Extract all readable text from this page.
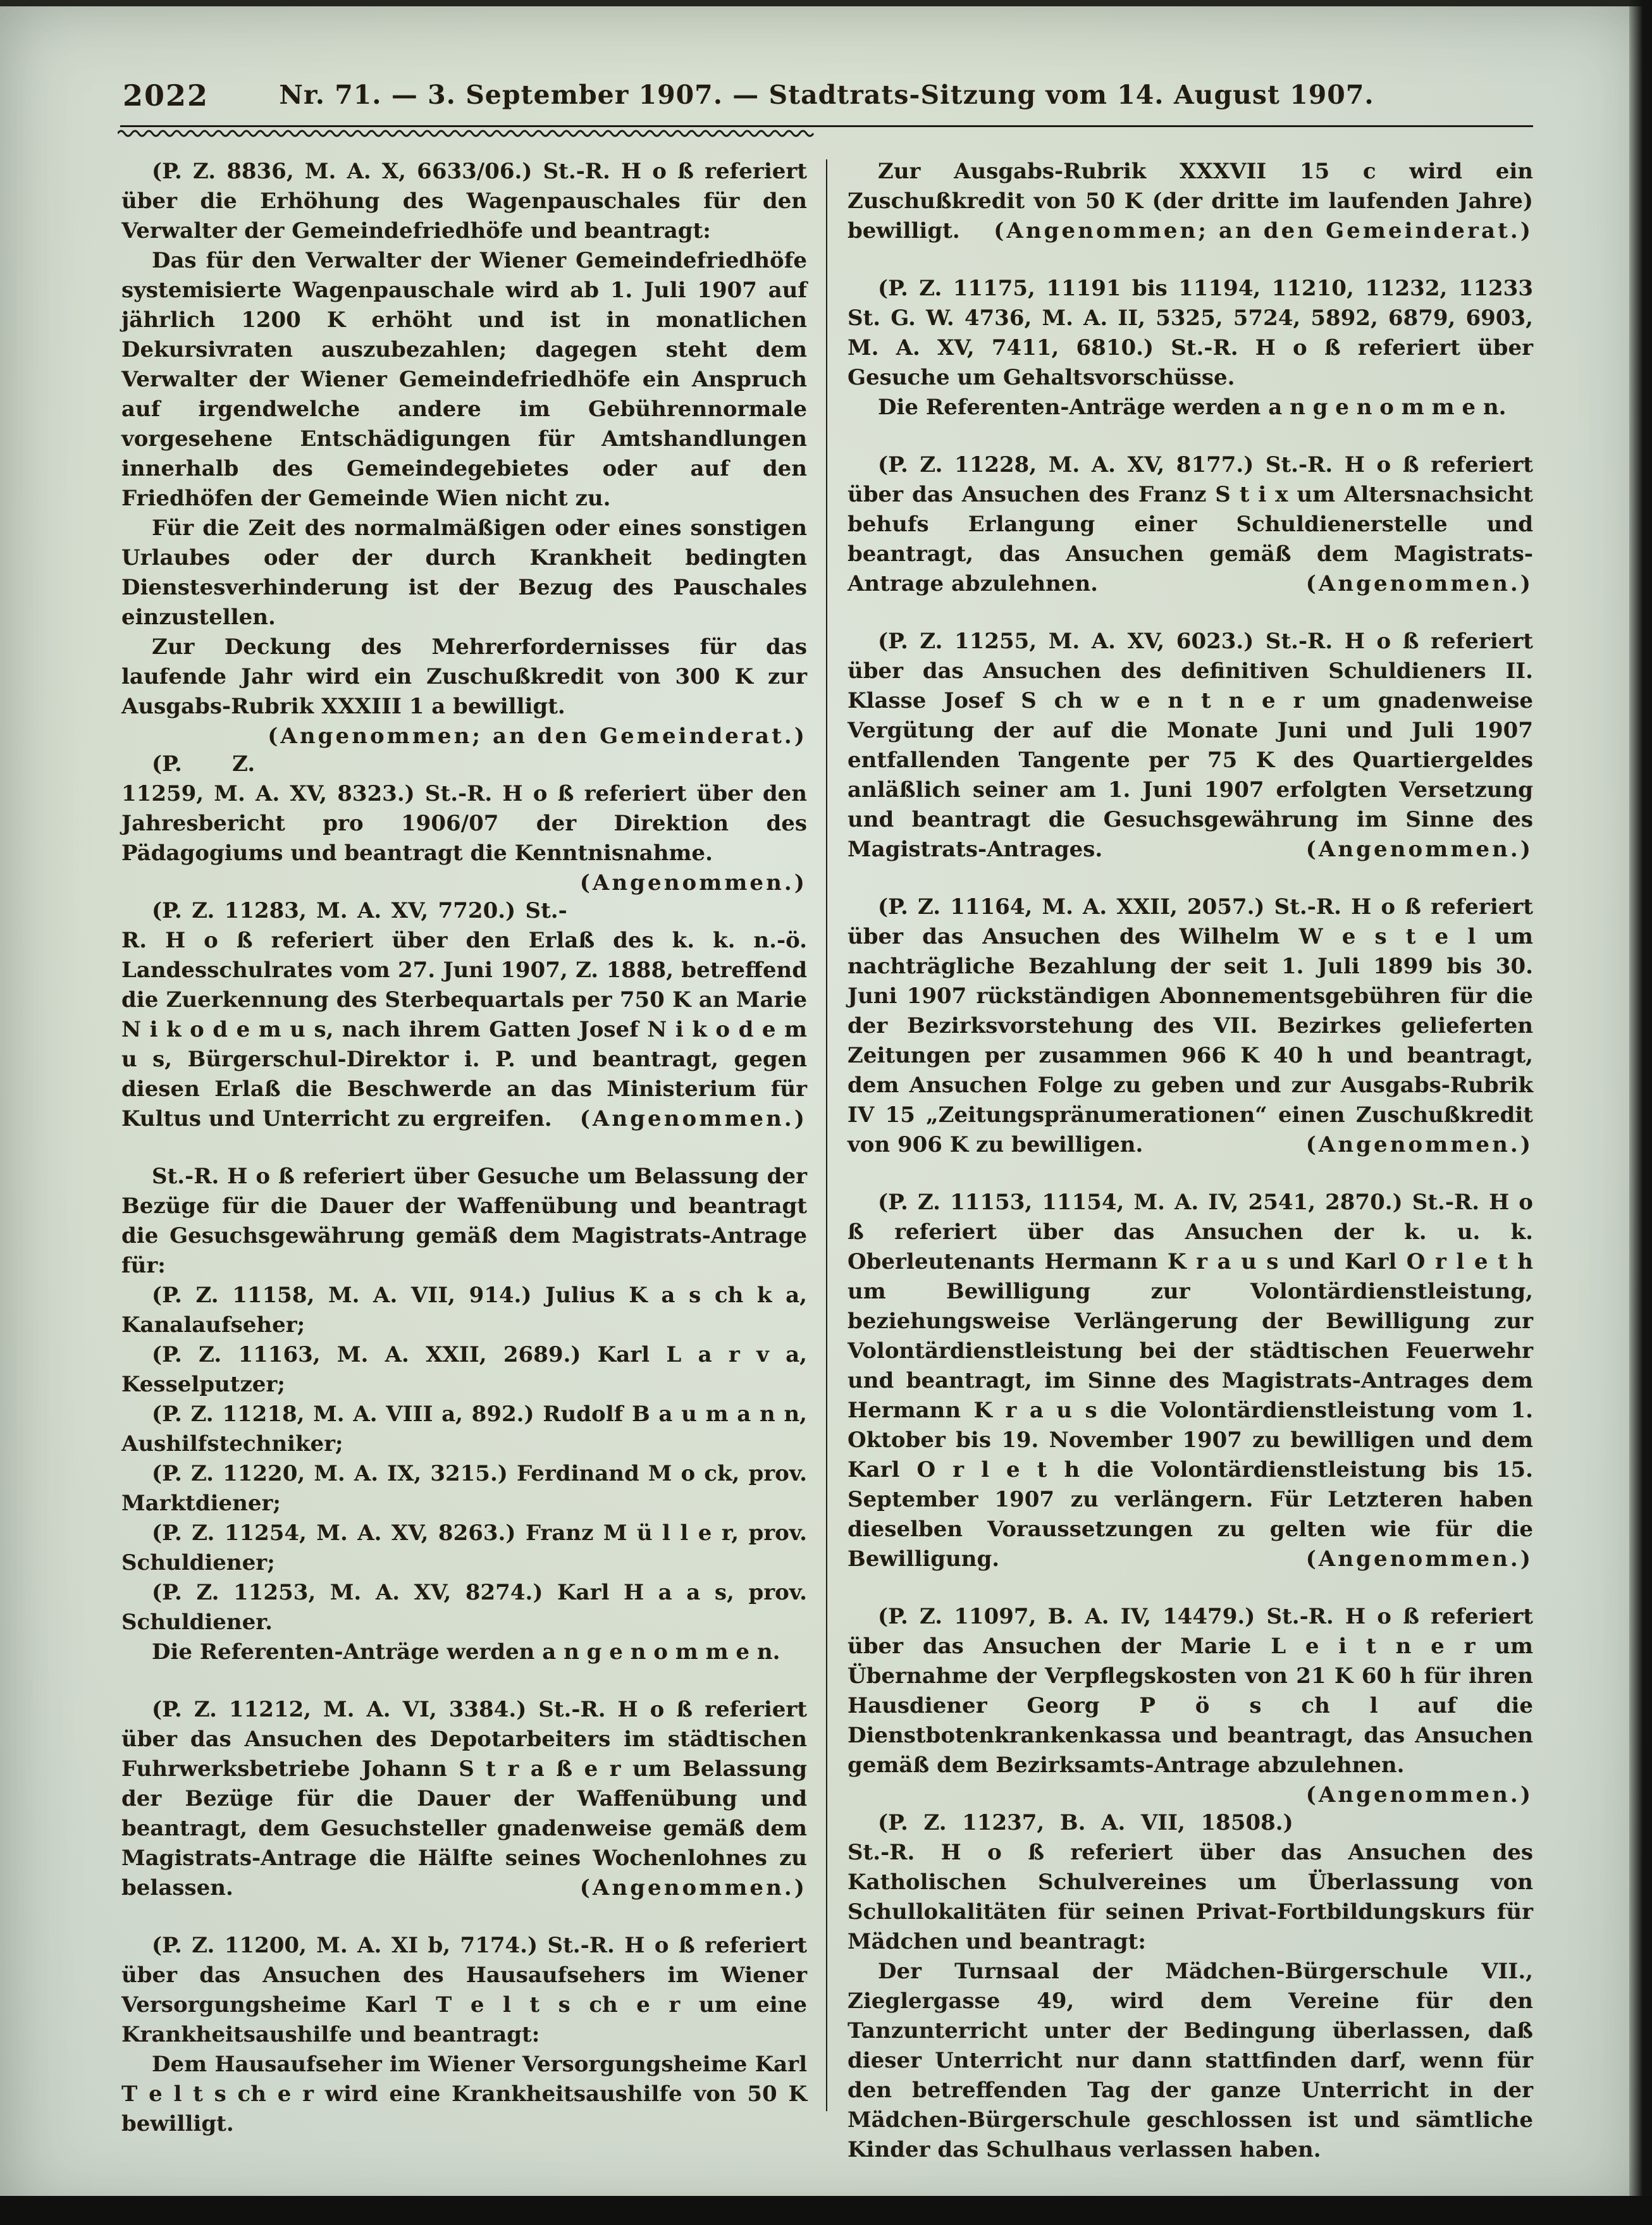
2022	Nr. 71. — 3. September 1907. — Stadtrats-Sitzung vom 14. August 1907.

(P. Z. 8836, M. A. X, 6633/06.) St.-R. H o ß referiert über die Erhöhung des Wagenpauschales für den Verwalter der Gemeindefriedhöfe und beantragt:

Das für den Verwalter der Wiener Gemeindefriedhöfe systemisierte Wagenpauschale wird ab 1. Juli 1907 auf jährlich 1200 K erhöht und ist in monatlichen Dekursivraten auszubezahlen; dagegen steht dem Verwalter der Wiener Gemeindefriedhöfe ein Anspruch auf irgendwelche andere im Gebührennormale vorgesehene Entschädigungen für Amtshandlungen innerhalb des Gemeindegebietes oder auf den Friedhöfen der Gemeinde Wien nicht zu.

Für die Zeit des normalmäßigen oder eines sonstigen Urlaubes oder der durch Krankheit bedingten Dienstesverhinderung ist der Bezug des Pauschales einzustellen.

Zur Deckung des Mehrerfordernisses für das laufende Jahr wird ein Zuschußkredit von 300 K zur Ausgabs-Rubrik XXXIII 1 a bewilligt.
(Angenommen; an den Gemeinderat.)

(P. Z. 11259, M. A. XV, 8323.) St.-R. H o ß referiert über den Jahresbericht pro 1906/07 der Direktion des Pädagogiums und beantragt die Kenntnisnahme.
(Angenommen.)

(P. Z. 11283, M. A. XV, 7720.) St.-R. H o ß referiert über den Erlaß des k. k. n.-ö. Landesschulrates vom 27. Juni 1907, Z. 1888, betreffend die Zuerkennung des Sterbequartals per 750 K an Marie N i k o d e m u s, nach ihrem Gatten Josef N i k o d e m u s, Bürgerschul-Direktor i. P. und beantragt, gegen diesen Erlaß die Beschwerde an das Ministerium für Kultus und Unterricht zu ergreifen.	(Angenommen.)

St.-R. H o ß referiert über Gesuche um Belassung der Bezüge für die Dauer der Waffenübung und beantragt die Gesuchsgewährung gemäß dem Magistrats-Antrage für:

(P. Z. 11158, M. A. VII, 914.) Julius K a s ch k a, Kanalaufseher;

(P. Z. 11163, M. A. XXII, 2689.) Karl L a r v a, Kesselputzer;

(P. Z. 11218, M. A. VIII a, 892.) Rudolf B a u m a n n, Aushilfstechniker;

(P. Z. 11220, M. A. IX, 3215.) Ferdinand M o ck, prov. Marktdiener;

(P. Z. 11254, M. A. XV, 8263.) Franz M ü l l e r, prov. Schuldiener;

(P. Z. 11253, M. A. XV, 8274.) Karl H a a s, prov. Schuldiener.

Die Referenten-Anträge werden a n g e n o m m e n.

(P. Z. 11212, M. A. VI, 3384.) St.-R. H o ß referiert über das Ansuchen des Depotarbeiters im städtischen Fuhrwerksbetriebe Johann S t r a ß e r um Belassung der Bezüge für die Dauer der Waffenübung und beantragt, dem Gesuchsteller gnadenweise gemäß dem Magistrats-Antrage die Hälfte seines Wochenlohnes zu belassen.	(Angenommen.)

(P. Z. 11200, M. A. XI b, 7174.) St.-R. H o ß referiert über das Ansuchen des Hausaufsehers im Wiener Versorgungsheime Karl T e l t s ch e r um eine Krankheitsaushilfe und beantragt:

Dem Hausaufseher im Wiener Versorgungsheime Karl T e l t s ch e r wird eine Krankheitsaushilfe von 50 K bewilligt.

Zur Ausgabs-Rubrik XXXVII 15 c wird ein Zuschußkredit von 50 K (der dritte im laufenden Jahre) bewilligt.	(Angenommen; an den Gemeinderat.)

(P. Z. 11175, 11191 bis 11194, 11210, 11232, 11233 St. G. W. 4736, M. A. II, 5325, 5724, 5892, 6879, 6903, M. A. XV, 7411, 6810.) St.-R. H o ß referiert über Gesuche um Gehaltsvorschüsse.

Die Referenten-Anträge werden a n g e n o m m e n.

(P. Z. 11228, M. A. XV, 8177.) St.-R. H o ß referiert über das Ansuchen des Franz S t i x um Altersnachsicht behufs Erlangung einer Schuldienerstelle und beantragt, das Ansuchen gemäß dem Magistrats-Antrage abzulehnen.	(Angenommen.)

(P. Z. 11255, M. A. XV, 6023.) St.-R. H o ß referiert über das Ansuchen des definitiven Schuldieners II. Klasse Josef S ch w e n t n e r um gnadenweise Vergütung der auf die Monate Juni und Juli 1907 entfallenden Tangente per 75 K des Quartiergeldes anläßlich seiner am 1. Juni 1907 erfolgten Versetzung und beantragt die Gesuchsgewährung im Sinne des Magistrats-Antrages.	(Angenommen.)

(P. Z. 11164, M. A. XXII, 2057.) St.-R. H o ß referiert über das Ansuchen des Wilhelm W e s t e l um nachträgliche Bezahlung der seit 1. Juli 1899 bis 30. Juni 1907 rückständigen Abonnementsgebühren für die der Bezirksvorstehung des VII. Bezirkes gelieferten Zeitungen per zusammen 966 K 40 h und beantragt, dem Ansuchen Folge zu geben und zur Ausgabs-Rubrik IV 15 „Zeitungspränumerationen“ einen Zuschußkredit von 906 K zu bewilligen.	(Angenommen.)

(P. Z. 11153, 11154, M. A. IV, 2541, 2870.) St.-R. H o ß referiert über das Ansuchen der k. u. k. Oberleutenants Hermann K r a u s und Karl O r l e t h um Bewilligung zur Volontärdienstleistung, beziehungsweise Verlängerung der Bewilligung zur Volontärdienstleistung bei der städtischen Feuerwehr und beantragt, im Sinne des Magistrats-Antrages dem Hermann K r a u s die Volontärdienstleistung vom 1. Oktober bis 19. November 1907 zu bewilligen und dem Karl O r l e t h die Volontärdienstleistung bis 15. September 1907 zu verlängern. Für Letzteren haben dieselben Voraussetzungen zu gelten wie für die Bewilligung.	(Angenommen.)

(P. Z. 11097, B. A. IV, 14479.) St.-R. H o ß referiert über das Ansuchen der Marie L e i t n e r um Übernahme der Verpflegskosten von 21 K 60 h für ihren Hausdiener Georg P ö s ch l auf die Dienstbotenkrankenkassa und beantragt, das Ansuchen gemäß dem Bezirksamts-Antrage abzulehnen.
(Angenommen.)

(P. Z. 11237, B. A. VII, 18508.) St.-R. H o ß referiert über das Ansuchen des Katholischen Schulvereines um Überlassung von Schullokalitäten für seinen Privat-Fortbildungskurs für Mädchen und beantragt:

Der Turnsaal der Mädchen-Bürgerschule VII., Zieglergasse 49, wird dem Vereine für den Tanzunterricht unter der Bedingung überlassen, daß dieser Unterricht nur dann stattfinden darf, wenn für den betreffenden Tag der ganze Unterricht in der Mädchen-Bürgerschule geschlossen ist und sämtliche Kinder das Schulhaus verlassen haben.
